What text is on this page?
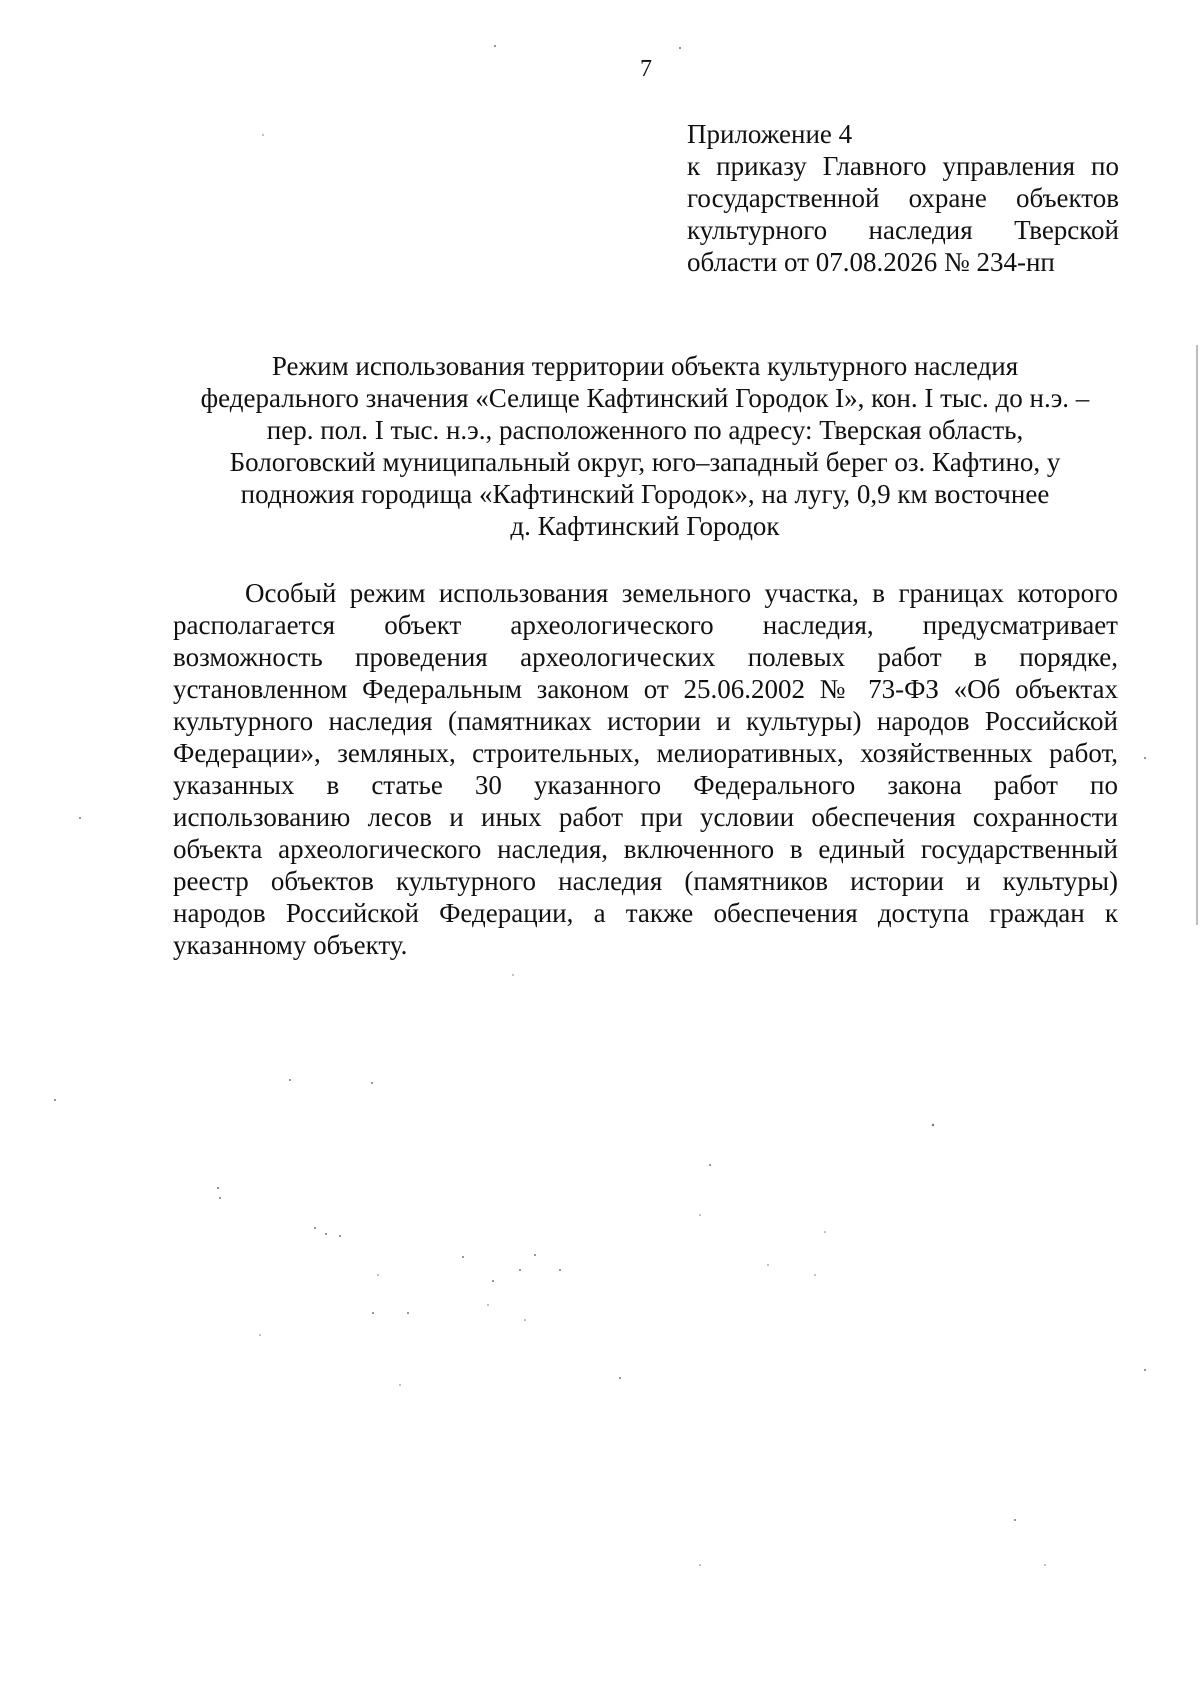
7
Приложение 4
к приказу Главного управления по
государственной охране объектов
культурного наследия Тверской
области от 07.08.2026 № 234-нп
Режим использования территории объекта культурного наследия
федерального значения «Селище Кафтинский Городок I», кон. I тыс. до н.э. –
пер. пол. I тыс. н.э., расположенного по адресу: Тверская область,
Бологовский муниципальный округ, юго–западный берег оз. Кафтино, у
подножия городища «Кафтинский Городок», на лугу, 0,9 км восточнее
д. Кафтинский Городок
Особый режим использования земельного участка, в границах которого
располагается объект археологического наследия, предусматривает
возможность проведения археологических полевых работ в порядке,
установленном Федеральным законом от 25.06.2002 № 73-ФЗ «Об объектах
культурного наследия (памятниках истории и культуры) народов Российской
Федерации», земляных, строительных, мелиоративных, хозяйственных работ,
указанных в статье 30 указанного Федерального закона работ по
использованию лесов и иных работ при условии обеспечения сохранности
объекта археологического наследия, включенного в единый государственный
реестр объектов культурного наследия (памятников истории и культуры)
народов Российской Федерации, а также обеспечения доступа граждан к
указанному объекту.
